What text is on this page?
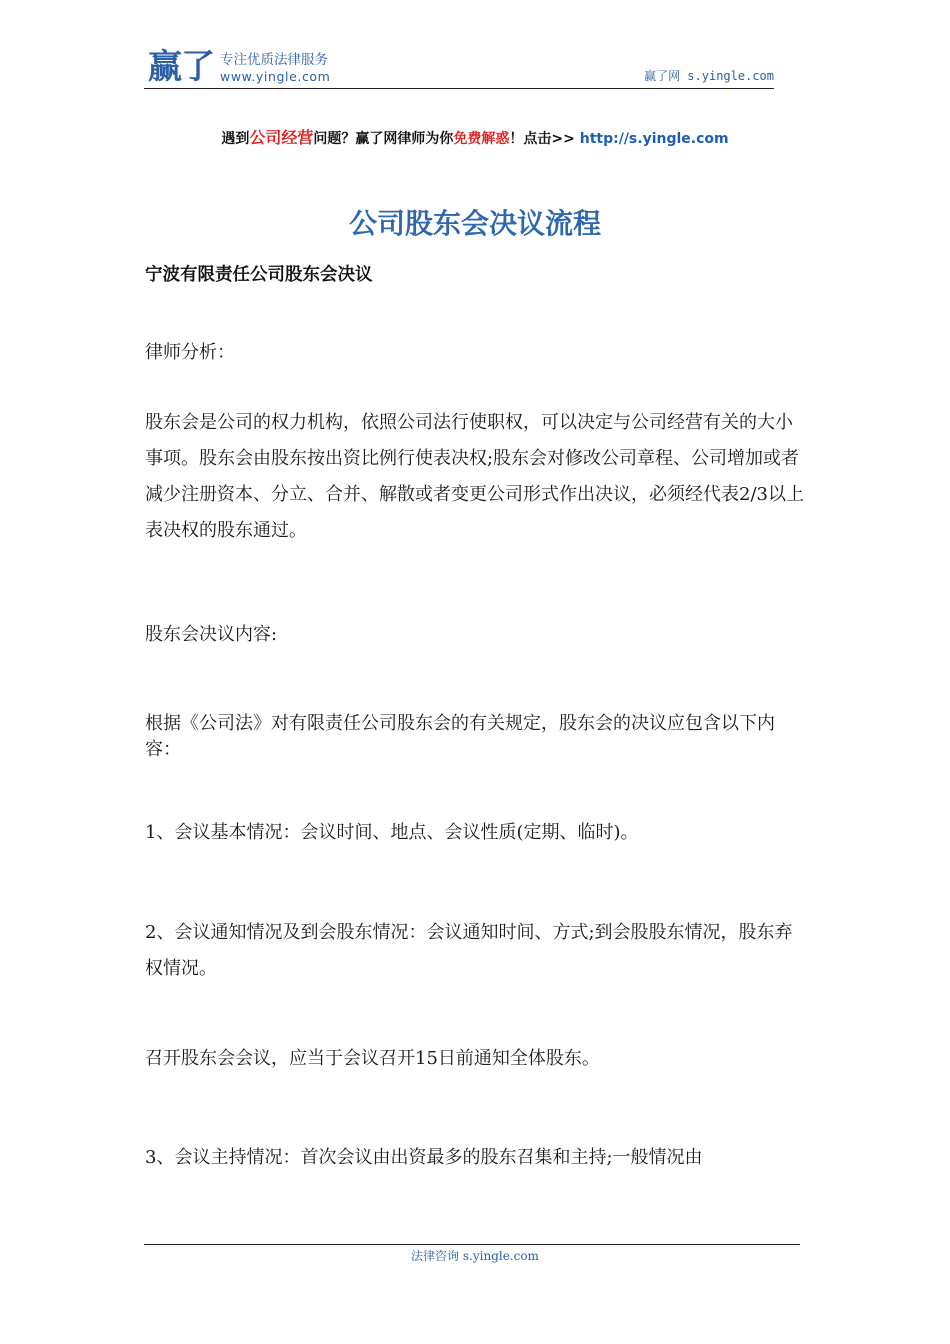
赢了 专注优质法律服务
www.yingle.com	赢了网 s.yingle.com
遇到公司经营问题？赢了网律师为你免费解惑！点击>> http://s.yingle.com
公司股东会决议流程
宁波有限责任公司股东会决议

律师分析：

股东会是公司的权力机构，依照公司法行使职权，可以决定与公司经营有关的大小事项。股东会由股东按出资比例行使表决权;股东会对修改公司章程、公司增加或者减少注册资本、分立、合并、解散或者变更公司形式作出决议，必须经代表2/3以上表决权的股东通过。

股东会决议内容:

根据《公司法》对有限责任公司股东会的有关规定，股东会的决议应包含以下内容：

1、会议基本情况：会议时间、地点、会议性质(定期、临时)。

2、会议通知情况及到会股东情况：会议通知时间、方式;到会股股东情况，股东弃权情况。

召开股东会会议，应当于会议召开15日前通知全体股东。

3、会议主持情况：首次会议由出资最多的股东召集和主持;一般情况由

法律咨询 s.yingle.com
